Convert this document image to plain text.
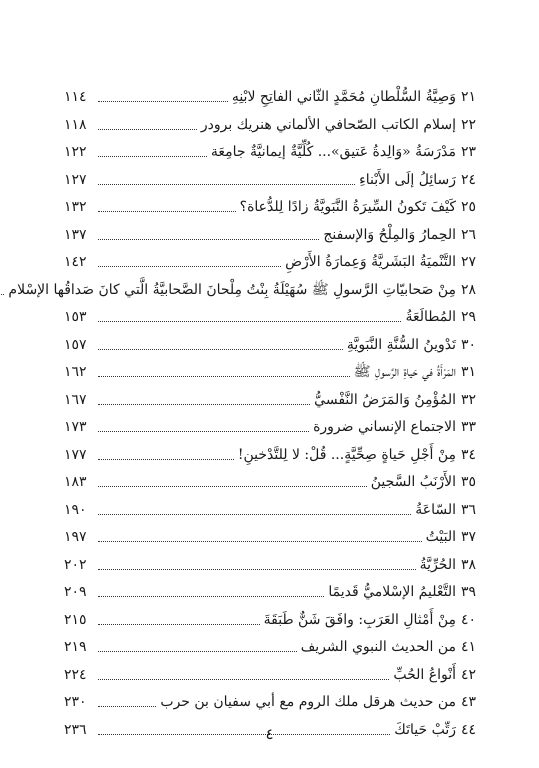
٢١
وَصِيَّةُ السُّلْطانِ مُحَمَّدٍ الثّاني الفاتِحِ لابْنِهِ
١١٤
٢٢
إسلام الكاتب الصّحافي الألماني هنريك برودر
١١٨
٢٣
مَدْرَسَةُ «وَالِدةُ عَتيق»... كُلِّيَّةٌ إيمانيَّةٌ جامِعَة
١٢٢
٢٤
رَسائِلُ إلَى الأَبْناءِ
١٢٧
٢٥
كَيْفَ تَكونُ السِّيرَةُ النَّبَويَّةُ زادًا لِلدُّعاة؟
١٣٢
٢٦
الحِمارُ وَالمِلْحُ وَالإسفنج
١٣٧
٢٧
التَّنْميَةُ البَشَريَّةُ وَعِمارَةُ الأَرْضِ
١٤٢
٢٨
مِنْ صَحابيّاتِ الرَّسولِ ﷺ سُهَيْلَةُ بِنْتُ مِلْحانَ الصَّحابيَّةُ الَّتي كانَ صَداقُها الإسْلام
٢٩
المُطالَعَةُ
١٥٣
٣٠
تَدْوينُ السُّنَّةِ النَّبَويَّةِ
١٥٧
٣١
المَرْأَةُ في حَياةِ الرَّسولِ ﷺ
١٦٢
٣٢
المُؤْمِنُ وَالمَرَضُ النَّفْسيُّ
١٦٧
٣٣
الاجتماع الإنساني ضرورة
١٧٣
٣٤
مِنْ أَجْلِ حَياةٍ صِحِّيَّةٍ... قُلْ: لا لِلتَّدْخينِ!
١٧٧
٣٥
الأَرْنَبُ السَّجينُ
١٨٣
٣٦
السّاعَةُ
١٩٠
٣٧
البَيْتُ
١٩٧
٣٨
الحُرِّيَّةُ
٢٠٢
٣٩
التَّعْليمُ الإسْلاميُّ قَديمًا
٢٠٩
٤٠
مِنْ أَمْثالِ العَرَبِ: وافَقَ شَنٌّ طَبَقَةَ
٢١٥
٤١
من الحديث النبوي الشريف
٢١٩
٤٢
أَنْواعُ الحُبِّ
٢٢٤
٤٣
من حديث هرقل ملك الروم مع أبي سفيان بن حرب
٢٣٠
٤٤
رَتِّبْ حَياتَكَ
٢٣٦	٤
